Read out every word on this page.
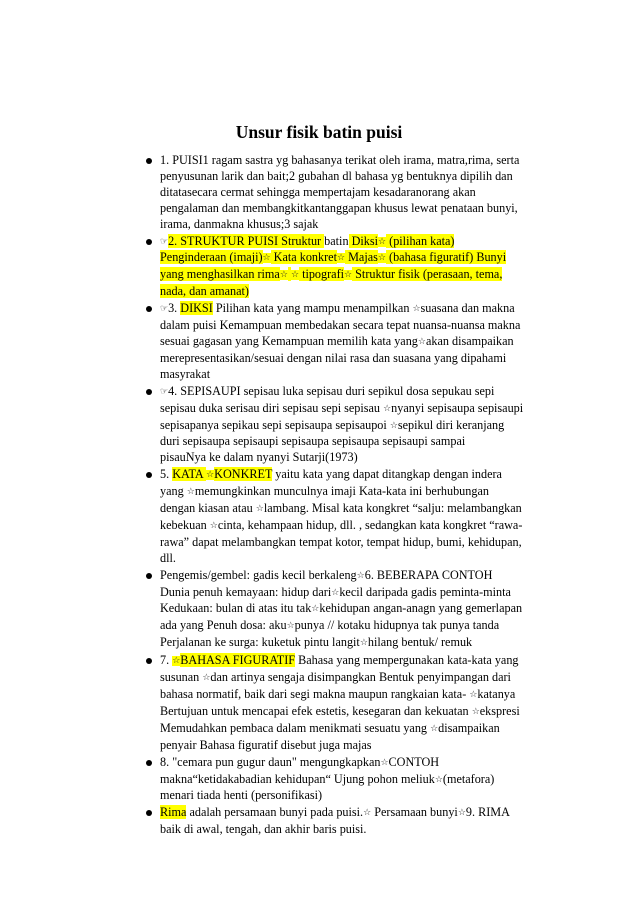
Unsur fisik batin puisi
1. PUISI1 ragam sastra yg bahasanya terikat oleh irama, matra,rima, serta
penyusunan larik dan bait;2 gubahan dl bahasa yg bentuknya dipilih dan
ditatasecara cermat sehingga mempertajam kesadaranorang akan
pengalaman dan membangkitkantanggapan khusus lewat penataan bunyi,
irama, danmakna khusus;3 sajak
☞2. STRUKTUR PUISI Struktur batin Diksi☆ (pilihan kata)
Penginderaan (imaji)☆ Kata konkret☆ Majas☆ (bahasa figuratif) Bunyi
yang menghasilkan rima☆ ☆ tipografi☆ Struktur fisik (perasaan, tema,
nada, dan amanat)
☞3. DIKSI Pilihan kata yang mampu menampilkan ☆suasana dan makna
dalam puisi Kemampuan membedakan secara tepat nuansa-nuansa makna
sesuai gagasan yang Kemampuan memilih kata yang☆akan disampaikan
merepresentasikan/sesuai dengan nilai rasa dan suasana yang dipahami
masyrakat
☞4. SEPISAUPI sepisau luka sepisau duri sepikul dosa sepukau sepi
sepisau duka serisau diri sepisau sepi sepisau ☆nyanyi sepisaupa sepisaupi
sepisapanya sepikau sepi sepisaupa sepisaupoi ☆sepikul diri keranjang
duri sepisaupa sepisaupi sepisaupa sepisaupa sepisaupi sampai
pisauNya ke dalam nyanyi Sutarji(1973)
5. KATA ☆KONKRET yaitu kata yang dapat ditangkap dengan indera
yang ☆memungkinkan munculnya imaji Kata-kata ini berhubungan
dengan kiasan atau ☆lambang. Misal kata kongkret “salju: melambangkan
kebekuan ☆cinta, kehampaan hidup, dll. , sedangkan kata kongkret “rawa-
rawa” dapat melambangkan tempat kotor, tempat hidup, bumi, kehidupan,
dll.
Pengemis/gembel: gadis kecil berkaleng☆6. BEBERAPA CONTOH
Dunia penuh kemayaan: hidup dari☆kecil daripada gadis peminta-minta
Kedukaan: bulan di atas itu tak☆kehidupan angan-anagn yang gemerlapan
ada yang Penuh dosa: aku☆punya // kotaku hidupnya tak punya tanda
Perjalanan ke surga: kuketuk pintu langit☆hilang bentuk/ remuk
7. ☆BAHASA FIGURATIF Bahasa yang mempergunakan kata-kata yang
susunan ☆dan artinya sengaja disimpangkan Bentuk penyimpangan dari
bahasa normatif, baik dari segi makna maupun rangkaian kata- ☆katanya
Bertujuan untuk mencapai efek estetis, kesegaran dan kekuatan ☆ekspresi
Memudahkan pembaca dalam menikmati sesuatu yang ☆disampaikan
penyair Bahasa figuratif disebut juga majas
8. "cemara pun gugur daun" mengungkapkan☆CONTOH
makna“ketidakabadian kehidupan“ Ujung pohon meliuk☆(metafora)
menari tiada henti (personifikasi)
Rima adalah persamaan bunyi pada puisi.☆ Persamaan bunyi☆9. RIMA
baik di awal, tengah, dan akhir baris puisi.
